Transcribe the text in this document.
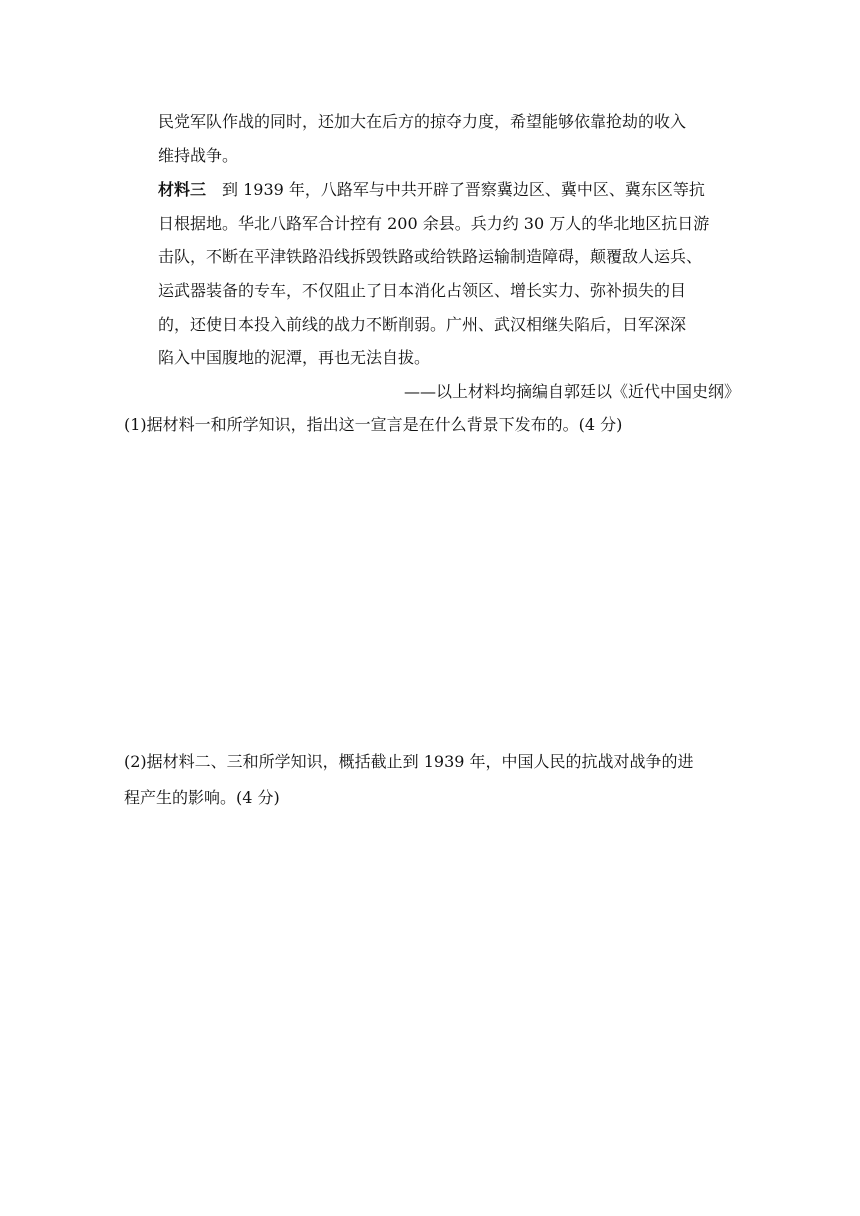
民党军队作战的同时，还加大在后方的掠夺力度，希望能够依靠抢劫的收入
维持战争。
材料三 到 1939 年，八路军与中共开辟了晋察冀边区、冀中区、冀东区等抗
日根据地。华北八路军合计控有 200 余县。兵力约 30 万人的华北地区抗日游
击队，不断在平津铁路沿线拆毁铁路或给铁路运输制造障碍，颠覆敌人运兵、
运武器装备的专车，不仅阻止了日本消化占领区、增长实力、弥补损失的目
的，还使日本投入前线的战力不断削弱。广州、武汉相继失陷后，日军深深
陷入中国腹地的泥潭，再也无法自拔。
——以上材料均摘编自郭廷以《近代中国史纲》
(1)据材料一和所学知识，指出这一宣言是在什么背景下发布的。(4 分)
(2)据材料二、三和所学知识，概括截止到 1939 年，中国人民的抗战对战争的进
程产生的影响。(4 分)
